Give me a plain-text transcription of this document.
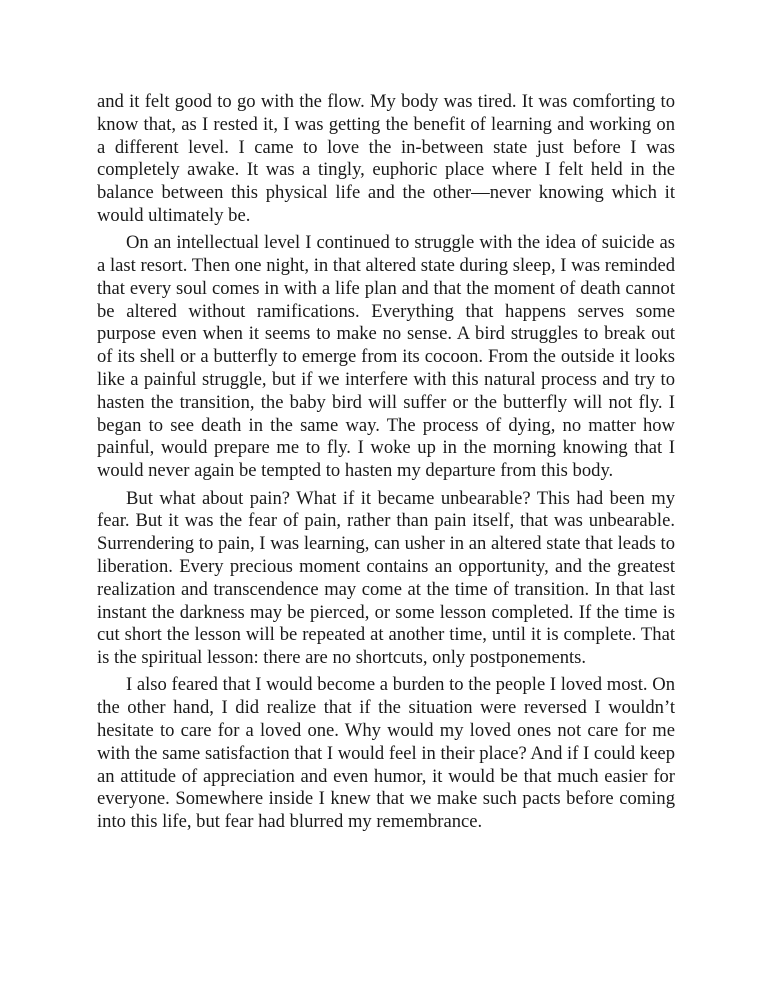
and it felt good to go with the flow. My body was tired. It was comforting to know that, as I rested it, I was getting the benefit of learning and working on a different level. I came to love the in-between state just before I was completely awake. It was a tingly, euphoric place where I felt held in the balance between this physical life and the other—never knowing which it would ultimately be.

On an intellectual level I continued to struggle with the idea of suicide as a last resort. Then one night, in that altered state during sleep, I was reminded that every soul comes in with a life plan and that the moment of death cannot be altered without ramifications. Everything that happens serves some purpose even when it seems to make no sense. A bird struggles to break out of its shell or a butterfly to emerge from its cocoon. From the outside it looks like a painful struggle, but if we interfere with this natural process and try to hasten the transition, the baby bird will suffer or the butterfly will not fly. I began to see death in the same way. The process of dying, no matter how painful, would prepare me to fly. I woke up in the morning knowing that I would never again be tempted to hasten my departure from this body.

But what about pain? What if it became unbearable? This had been my fear. But it was the fear of pain, rather than pain itself, that was unbearable. Surrendering to pain, I was learning, can usher in an altered state that leads to liberation. Every precious moment contains an opportunity, and the greatest realization and transcendence may come at the time of transition. In that last instant the darkness may be pierced, or some lesson completed. If the time is cut short the lesson will be repeated at another time, until it is complete. That is the spiritual lesson: there are no shortcuts, only postponements.

I also feared that I would become a burden to the people I loved most. On the other hand, I did realize that if the situation were reversed I wouldn’t hesitate to care for a loved one. Why would my loved ones not care for me with the same satisfaction that I would feel in their place? And if I could keep an attitude of appreciation and even humor, it would be that much easier for everyone. Somewhere inside I knew that we make such pacts before coming into this life, but fear had blurred my remembrance.
